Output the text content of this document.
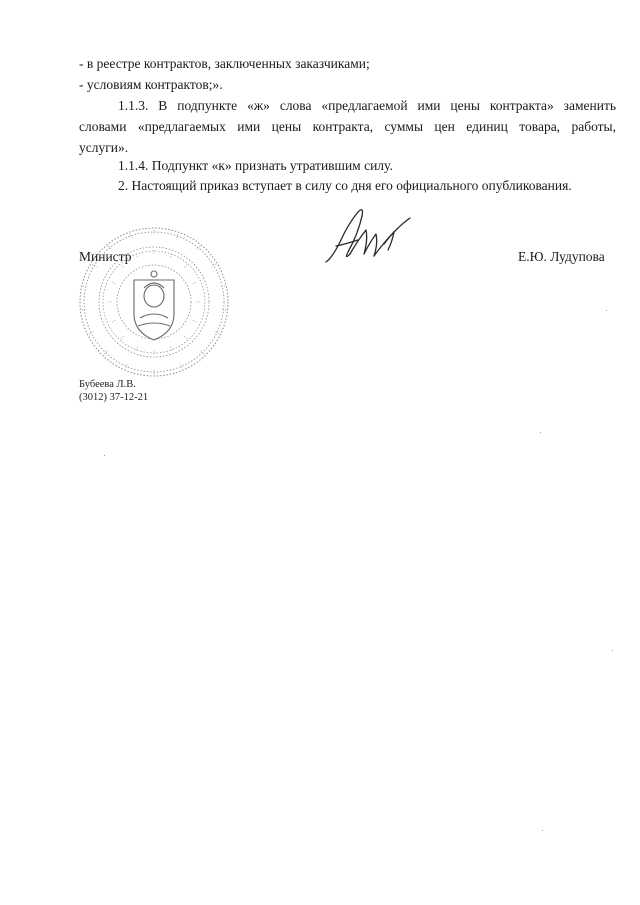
- в реестре контрактов, заключенных заказчиками;
- условиям контрактов;».
1.1.3. В подпункте «ж» слова «предлагаемой ими цены контракта» заменить
словами «предлагаемых ими цены контракта, суммы цен единиц товара, работы,
услуги».
1.1.4. Подпункт «к» признать утратившим силу.
2. Настоящий приказ вступает в силу со дня его официального опубликования.
Министр	Е.Ю. Лудупова
Бубеева Л.В.
(3012) 37-12-21
